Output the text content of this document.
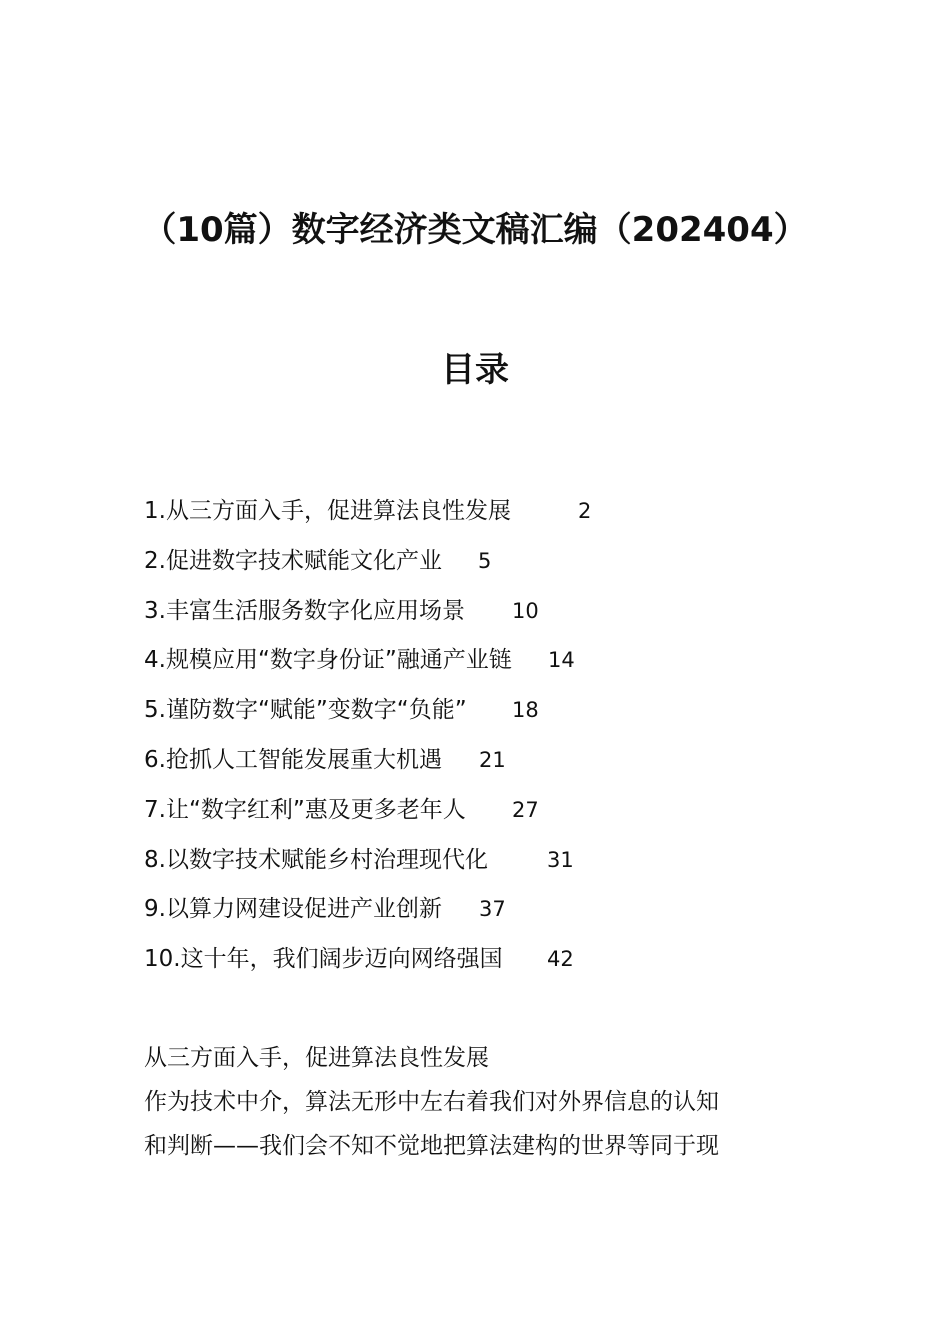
（10篇）数字经济类文稿汇编（202404）
目录
1.从三方面入手，促进算法良性发展	2
2.促进数字技术赋能文化产业 5
3.丰富生活服务数字化应用场景 10
4.规模应用“数字身份证”融通产业链 14
5.谨防数字“赋能”变数字“负能” 18
6.抢抓人工智能发展重大机遇 21
7.让“数字红利”惠及更多老年人 27
8.以数字技术赋能乡村治理现代化	31
9.以算力网建设促进产业创新 37
10.这十年，我们阔步迈向网络强国 42
从三方面入手，促进算法良性发展
作为技术中介，算法无形中左右着我们对外界信息的认知
和判断——我们会不知不觉地把算法建构的世界等同于现
